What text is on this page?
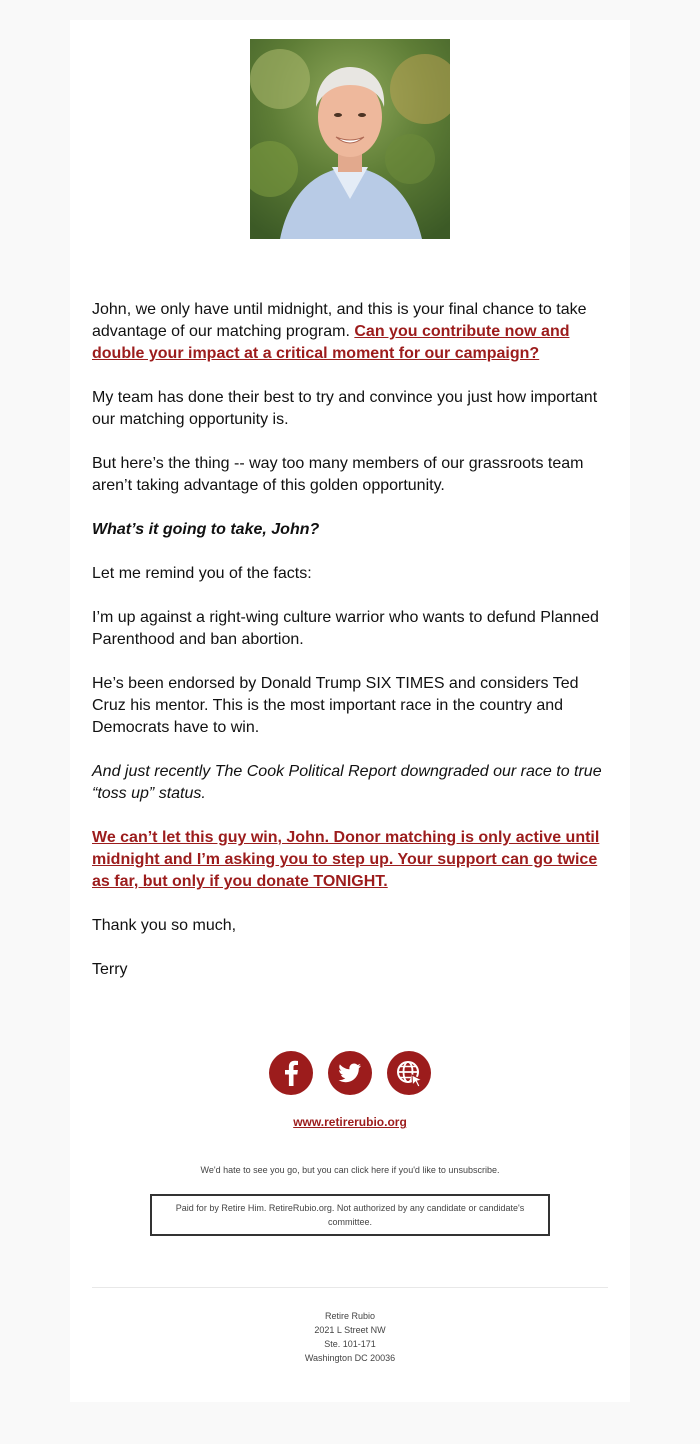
John, we only have until midnight, and this is your final chance to take advantage of our matching program. Can you contribute now and double your impact at a critical moment for our campaign?

My team has done their best to try and convince you just how important our matching opportunity is.

But here’s the thing -- way too many members of our grassroots team aren’t taking advantage of this golden opportunity.

What’s it going to take, John?

Let me remind you of the facts:

I’m up against a right-wing culture warrior who wants to defund Planned Parenthood and ban abortion.

He’s been endorsed by Donald Trump SIX TIMES and considers Ted Cruz his mentor. This is the most important race in the country and Democrats have to win.

And just recently The Cook Political Report downgraded our race to true “toss up” status.

We can’t let this guy win, John. Donor matching is only active until midnight and I’m asking you to step up. Your support can go twice as far, but only if you donate TONIGHT.

Thank you so much,

Terry

www.retirerubio.org
We'd hate to see you go, but you can click here if you'd like to unsubscribe.
Paid for by Retire Him. RetireRubio.org. Not authorized by any candidate or candidate's committee.
Retire Rubio
2021 L Street NW
Ste. 101-171
Washington DC 20036
